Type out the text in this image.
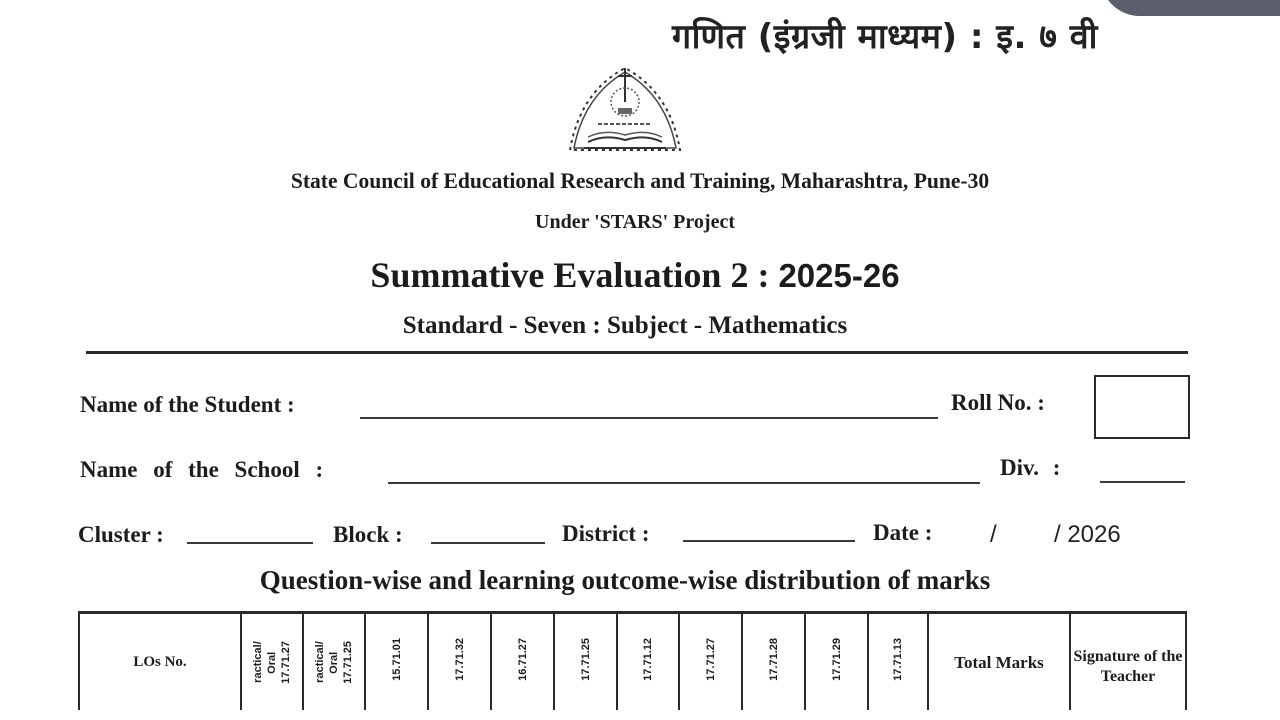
गणित (इंग्रजी माध्यम) : इ. ७ वी
State Council of Educational Research and Training, Maharashtra, Pune-30
Under 'STARS' Project
Summative Evaluation 2 : 2025-26
Standard - Seven : Subject - Mathematics
Name of the Student :	Roll No. :
Name of the School :	Div. :
Cluster :	Block :	District :	Date : / / 2026
Question-wise and learning outcome-wise distribution of marks
LOs No.	ractical/ Oral 17.71.27	ractical/ Oral 17.71.25	15.71.01	17.71.32	16.71.27	17.71.25	17.71.12	17.71.27	17.71.28	17.71.29	17.71.13	Total Marks	Signature of the Teacher
